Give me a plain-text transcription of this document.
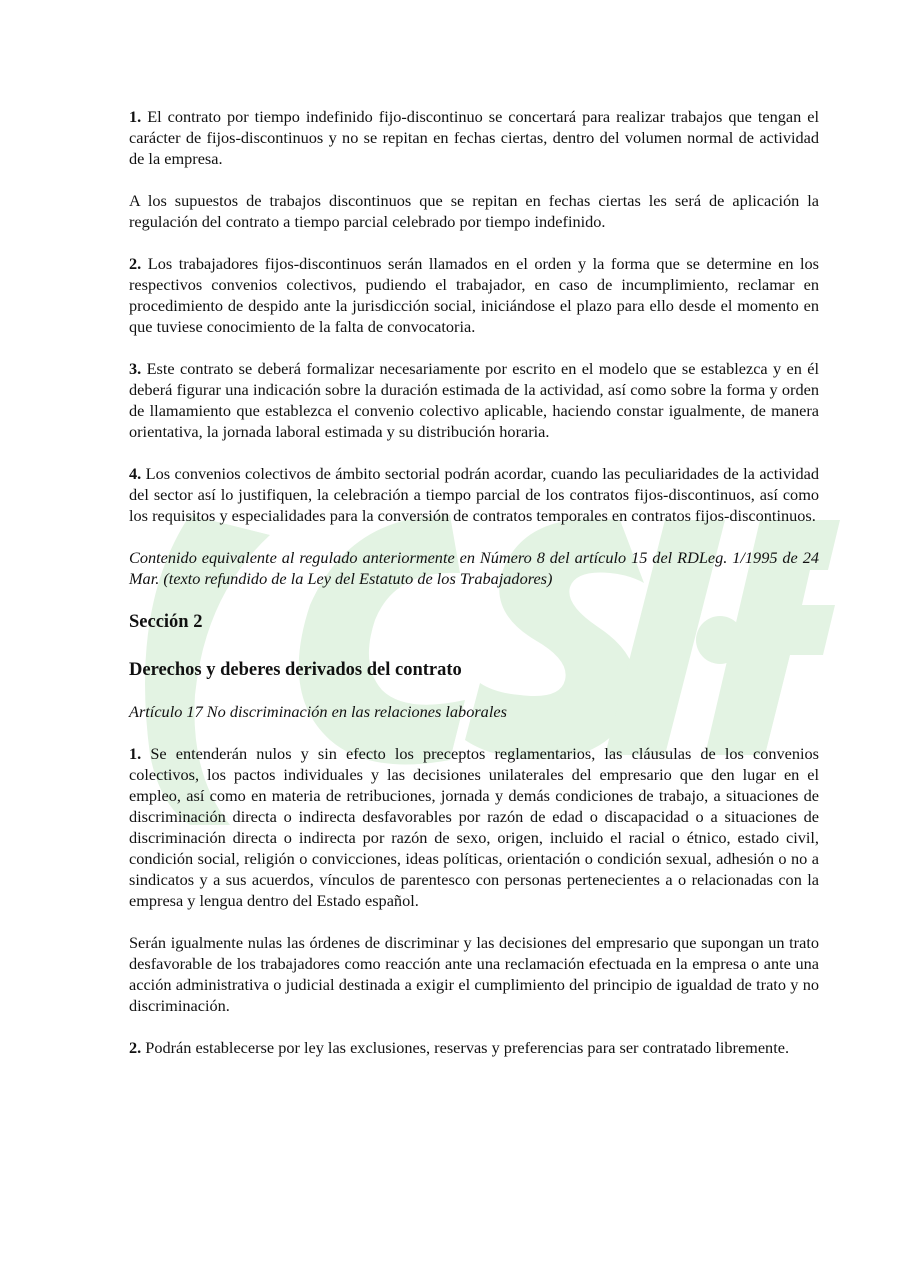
1. El contrato por tiempo indefinido fijo-discontinuo se concertará para realizar trabajos que tengan el carácter de fijos-discontinuos y no se repitan en fechas ciertas, dentro del volumen normal de actividad de la empresa.

A los supuestos de trabajos discontinuos que se repitan en fechas ciertas les será de aplicación la regulación del contrato a tiempo parcial celebrado por tiempo indefinido.

2. Los trabajadores fijos-discontinuos serán llamados en el orden y la forma que se determine en los respectivos convenios colectivos, pudiendo el trabajador, en caso de incumplimiento, reclamar en procedimiento de despido ante la jurisdicción social, iniciándose el plazo para ello desde el momento en que tuviese conocimiento de la falta de convocatoria.

3. Este contrato se deberá formalizar necesariamente por escrito en el modelo que se establezca y en él deberá figurar una indicación sobre la duración estimada de la actividad, así como sobre la forma y orden de llamamiento que establezca el convenio colectivo aplicable, haciendo constar igualmente, de manera orientativa, la jornada laboral estimada y su distribución horaria.

4. Los convenios colectivos de ámbito sectorial podrán acordar, cuando las peculiaridades de la actividad del sector así lo justifiquen, la celebración a tiempo parcial de los contratos fijos-discontinuos, así como los requisitos y especialidades para la conversión de contratos temporales en contratos fijos-discontinuos.

Contenido equivalente al regulado anteriormente en Número 8 del artículo 15 del RDLeg. 1/1995 de 24 Mar. (texto refundido de la Ley del Estatuto de los Trabajadores)

Sección 2
Derechos y deberes derivados del contrato
Artículo 17 No discriminación en las relaciones laborales

1. Se entenderán nulos y sin efecto los preceptos reglamentarios, las cláusulas de los convenios colectivos, los pactos individuales y las decisiones unilaterales del empresario que den lugar en el empleo, así como en materia de retribuciones, jornada y demás condiciones de trabajo, a situaciones de discriminación directa o indirecta desfavorables por razón de edad o discapacidad o a situaciones de discriminación directa o indirecta por razón de sexo, origen, incluido el racial o étnico, estado civil, condición social, religión o convicciones, ideas políticas, orientación o condición sexual, adhesión o no a sindicatos y a sus acuerdos, vínculos de parentesco con personas pertenecientes a o relacionadas con la empresa y lengua dentro del Estado español.

Serán igualmente nulas las órdenes de discriminar y las decisiones del empresario que supongan un trato desfavorable de los trabajadores como reacción ante una reclamación efectuada en la empresa o ante una acción administrativa o judicial destinada a exigir el cumplimiento del principio de igualdad de trato y no discriminación.

2. Podrán establecerse por ley las exclusiones, reservas y preferencias para ser contratado libremente.
